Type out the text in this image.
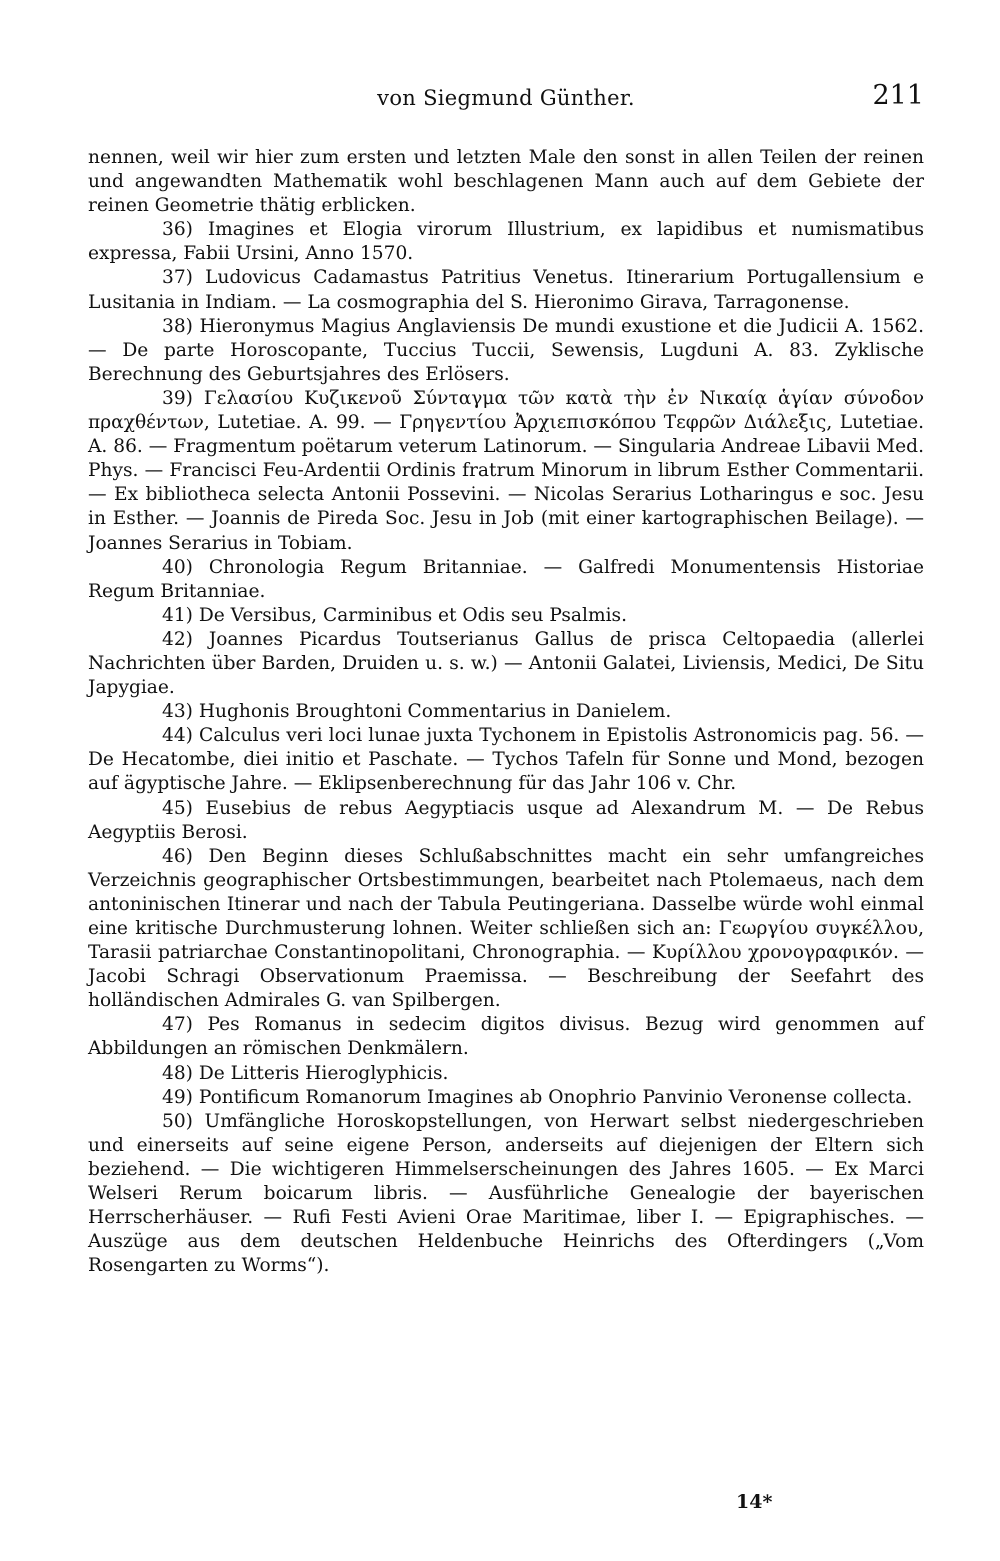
von Siegmund Günther.	211

nennen, weil wir hier zum ersten und letzten Male den sonst in allen Teilen der reinen und angewandten Mathematik wohl beschlagenen Mann auch auf dem Gebiete der reinen Geometrie thätig erblicken.

36) Imagines et Elogia virorum Illustrium, ex lapidibus et numismatibus expressa, Fabii Ursini, Anno 1570.

37) Ludovicus Cadamastus Patritius Venetus. Itinerarium Portugallensium e Lusitania in Indiam. — La cosmographia del S. Hieronimo Girava, Tarragonense.

38) Hieronymus Magius Anglaviensis De mundi exustione et die Judicii A. 1562. — De parte Horoscopante, Tuccius Tuccii, Sewensis, Lugduni A. 83. Zyklische Berechnung des Geburtsjahres des Erlösers.

39) Γελασίου Κυζικενοῦ Σύνταγμα τῶν κατὰ τὴν ἐν Νικαίᾳ ἁγίαν σύνοδον πραχθέντων, Lutetiae. A. 99. — Γρηγεντίου Ἀρχιεπισκόπου Τεφρῶν Διάλεξις, Lutetiae. A. 86. — Fragmentum poëtarum veterum Latinorum. — Singularia Andreae Libavii Med. Phys. — Francisci Feu-Ardentii Ordinis fratrum Minorum in librum Esther Commentarii. — Ex bibliotheca selecta Antonii Possevini. — Nicolas Serarius Lotharingus e soc. Jesu in Esther. — Joannis de Pireda Soc. Jesu in Job (mit einer kartographischen Beilage). — Joannes Serarius in Tobiam.

40) Chronologia Regum Britanniae. — Galfredi Monumentensis Historiae Regum Britanniae.

41) De Versibus, Carminibus et Odis seu Psalmis.

42) Joannes Picardus Toutserianus Gallus de prisca Celtopaedia (allerlei Nachrichten über Barden, Druiden u. s. w.) — Antonii Galatei, Liviensis, Medici, De Situ Japygiae.

43) Hughonis Broughtoni Commentarius in Danielem.

44) Calculus veri loci lunae juxta Tychonem in Epistolis Astronomicis pag. 56. — De Hecatombe, diei initio et Paschate. — Tychos Tafeln für Sonne und Mond, bezogen auf ägyptische Jahre. — Eklipsenberechnung für das Jahr 106 v. Chr.

45) Eusebius de rebus Aegyptiacis usque ad Alexandrum M. — De Rebus Aegyptiis Berosi.

46) Den Beginn dieses Schlußabschnittes macht ein sehr umfangreiches Verzeichnis geographischer Ortsbestimmungen, bearbeitet nach Ptolemaeus, nach dem antoninischen Itinerar und nach der Tabula Peutingeriana. Dasselbe würde wohl einmal eine kritische Durchmusterung lohnen. Weiter schließen sich an: Γεωργίου συγκέλλου, Tarasii patriarchae Constantinopolitani, Chronographia. — Κυρίλλου χρονογραφικόν. — Jacobi Schragi Observationum Praemissa. — Beschreibung der Seefahrt des holländischen Admirales G. van Spilbergen.

47) Pes Romanus in sedecim digitos divisus. Bezug wird genommen auf Abbildungen an römischen Denkmälern.

48) De Litteris Hieroglyphicis.

49) Pontificum Romanorum Imagines ab Onophrio Panvinio Veronense collecta.

50) Umfängliche Horoskopstellungen, von Herwart selbst niedergeschrieben und einerseits auf seine eigene Person, anderseits auf diejenigen der Eltern sich beziehend. — Die wichtigeren Himmelserscheinungen des Jahres 1605. — Ex Marci Welseri Rerum boicarum libris. — Ausführliche Genealogie der bayerischen Herrscherhäuser. — Rufi Festi Avieni Orae Maritimae, liber I. — Epigraphisches. — Auszüge aus dem deutschen Heldenbuche Heinrichs des Ofterdingers („Vom Rosengarten zu Worms“).

14*
